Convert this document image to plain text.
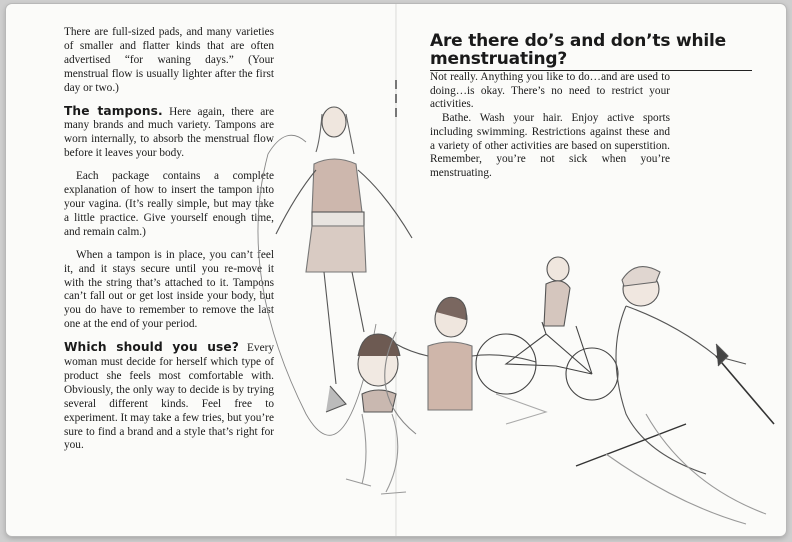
There are full-sized pads, and many varieties of smaller and flatter kinds that are often advertised “for waning days.” (Your menstrual flow is usually lighter after the first day or two.)

The tampons. Here again, there are many brands and much variety. Tampons are worn internally, to absorb the menstrual flow before it leaves your body.

Each package contains a complete explanation of how to insert the tampon into your vagina. (It’s really simple, but may take a little practice. Give yourself enough time, and remain calm.)

When a tampon is in place, you can’t feel it, and it stays secure until you re-move it with the string that’s attached to it. Tampons can’t fall out or get lost inside your body, but you do have to remember to remove the last one at the end of your period.

Which should you use? Every woman must decide for herself which type of product she feels most comfortable with. Obviously, the only way to decide is by trying several different kinds. Feel free to experiment. It may take a few tries, but you’re sure to find a brand and a style that’s right for you.

Are there do’s and don’ts while
menstruating?

Not really. Anything you like to do…and are used to doing…is okay. There’s no need to restrict your activities.

Bathe. Wash your hair. Enjoy active sports including swimming. Restrictions against these and a variety of other activities are based on superstition. Remember, you’re not sick when you’re menstruating.
